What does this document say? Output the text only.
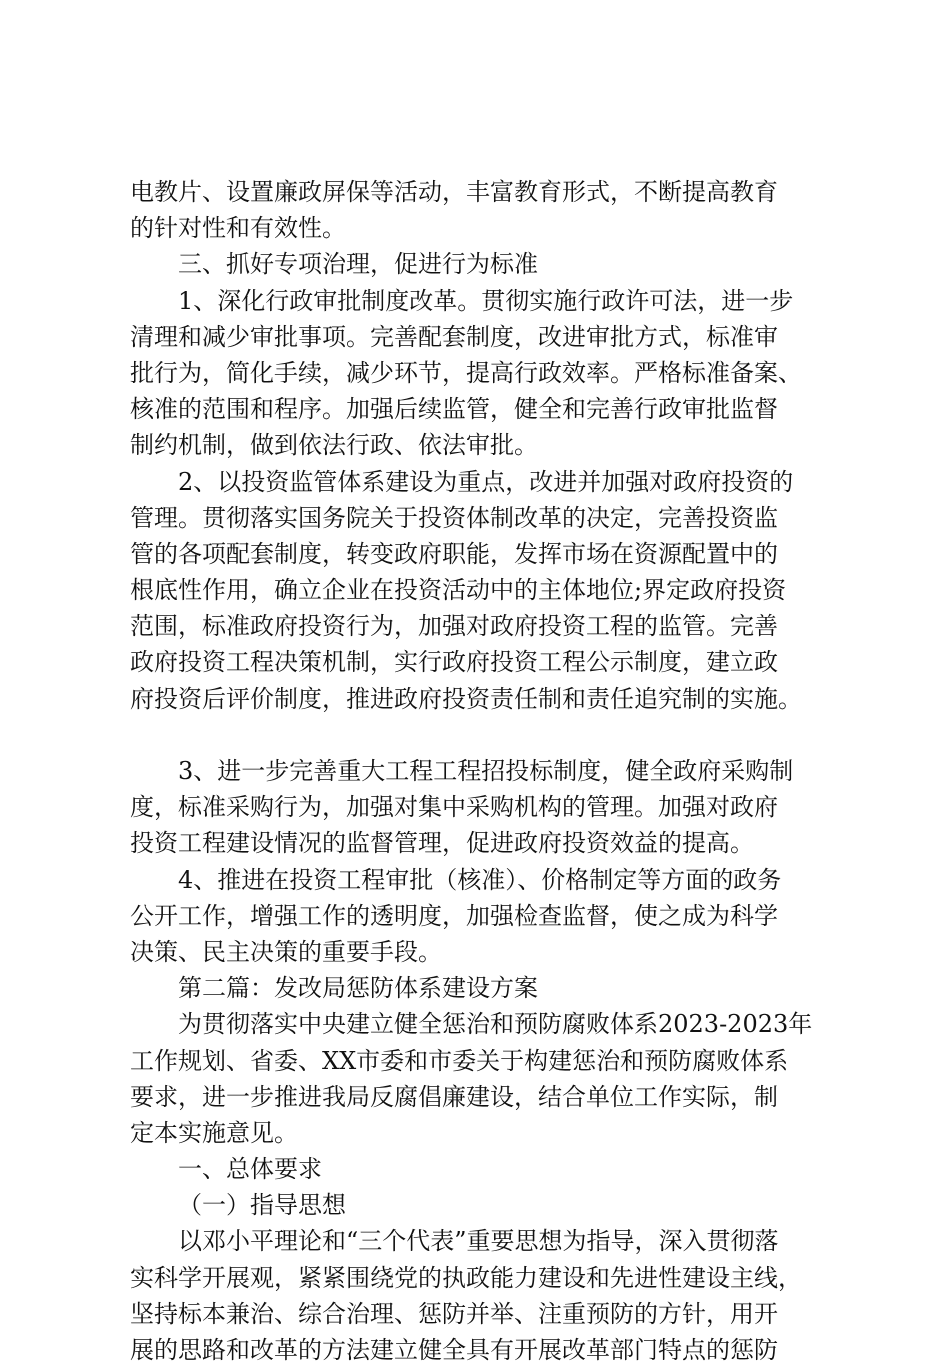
电教片、设置廉政屏保等活动，丰富教育形式，不断提高教育
的针对性和有效性。
三、抓好专项治理，促进行为标准
1、深化行政审批制度改革。贯彻实施行政许可法，进一步
清理和减少审批事项。完善配套制度，改进审批方式，标准审
批行为，简化手续，减少环节，提高行政效率。严格标准备案、
核准的范围和程序。加强后续监管，健全和完善行政审批监督
制约机制，做到依法行政、依法审批。
2、以投资监管体系建设为重点，改进并加强对政府投资的
管理。贯彻落实国务院关于投资体制改革的决定，完善投资监
管的各项配套制度，转变政府职能，发挥市场在资源配置中的
根底性作用，确立企业在投资活动中的主体地位;界定政府投资
范围，标准政府投资行为，加强对政府投资工程的监管。完善
政府投资工程决策机制，实行政府投资工程公示制度，建立政
府投资后评价制度，推进政府投资责任制和责任追究制的实施。
3、进一步完善重大工程工程招投标制度，健全政府采购制
度，标准采购行为，加强对集中采购机构的管理。加强对政府
投资工程建设情况的监督管理，促进政府投资效益的提高。
4、推进在投资工程审批（核准）、价格制定等方面的政务
公开工作，增强工作的透明度，加强检查监督，使之成为科学
决策、民主决策的重要手段。
第二篇：发改局惩防体系建设方案
为贯彻落实中央建立健全惩治和预防腐败体系2023-2023年
工作规划、省委、XX市委和市委关于构建惩治和预防腐败体系
要求，进一步推进我局反腐倡廉建设，结合单位工作实际，制
定本实施意见。
一、总体要求
（一）指导思想
以邓小平理论和“三个代表”重要思想为指导，深入贯彻落
实科学开展观，紧紧围绕党的执政能力建设和先进性建设主线，
坚持标本兼治、综合治理、惩防并举、注重预防的方针，用开
展的思路和改革的方法建立健全具有开展改革部门特点的惩防
